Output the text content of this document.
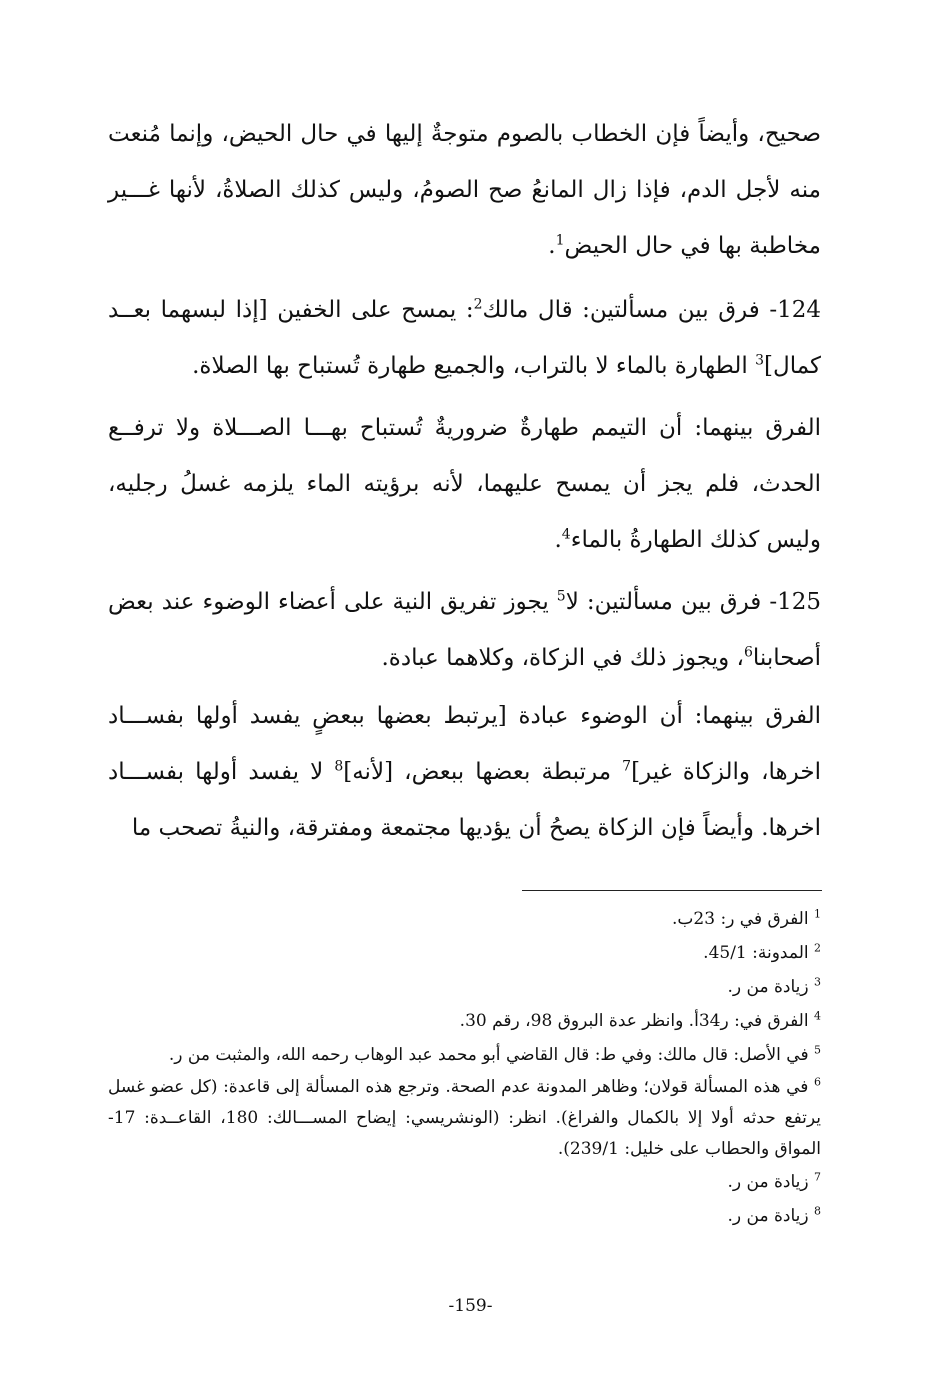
صحيح، وأيضاً فإن الخطاب بالصوم متوجةٌ إليها في حال الحيض، وإنما مُنعت منه لأجل الدم، فإذا زال المانعُ صح الصومُ، وليس كذلك الصلاةُ، لأنها غـــير مخاطبة بها في حال الحيض$^1$.
124- فرق بين مسألتين: قال مالك$^2$: يمسح على الخفين [إذا لبسهما بعــد كمال]$^3$ الطهارة بالماء لا بالتراب، والجميع طهارة تُستباح بها الصلاة.
الفرق بينهما: أن التيمم طهارةٌ ضروريةٌ تُستباح بهـــا الصـــلاة ولا ترفــع الحدث، فلم يجز أن يمسح عليهما، لأنه برؤيته الماء يلزمه غسلُ رجليه، وليس كذلك الطهارةُ بالماء$^4$.
125- فرق بين مسألتين: لا$^5$ يجوز تفريق النية على أعضاء الوضوء عند بعض أصحابنا$^6$، ويجوز ذلك في الزكاة، وكلاهما عبادة.
الفرق بينهما: أن الوضوء عبادة [يرتبط بعضها ببعضٍ يفسد أولها بفســـاد اخرها، والزكاة غير]$^7$ مرتبطة بعضها ببعض، [لأنه]$^8$ لا يفسد أولها بفســـاد اخرها. وأيضاً فإن الزكاة يصحُ أن يؤديها مجتمعة ومفترقة، والنيةُ تصحب ما
$^1$ الفرق في ر: 23ب.
$^2$ المدونة: 45/1.
$^3$ زيادة من ر.
$^4$ الفرق في: ر34أ. وانظر عدة البروق 98، رقم 30.
$^5$ في الأصل: قال مالك: وفي ط: قال القاضي أبو محمد عبد الوهاب رحمه الله، والمثبت من ر.
$^6$ في هذه المسألة قولان؛ وظاهر المدونة عدم الصحة. وترجع هذه المسألة إلى قاعدة: (كل عضو غسل يرتفع حدثه أولا إلا بالكمال والفراغ). انظر: (الونشريسي: إيضاح المســـالك: 180، القاعــدة: 17- المواق والحطاب على خليل: 239/1).
$^7$ زيادة من ر.
$^8$ زيادة من ر.
-159-
